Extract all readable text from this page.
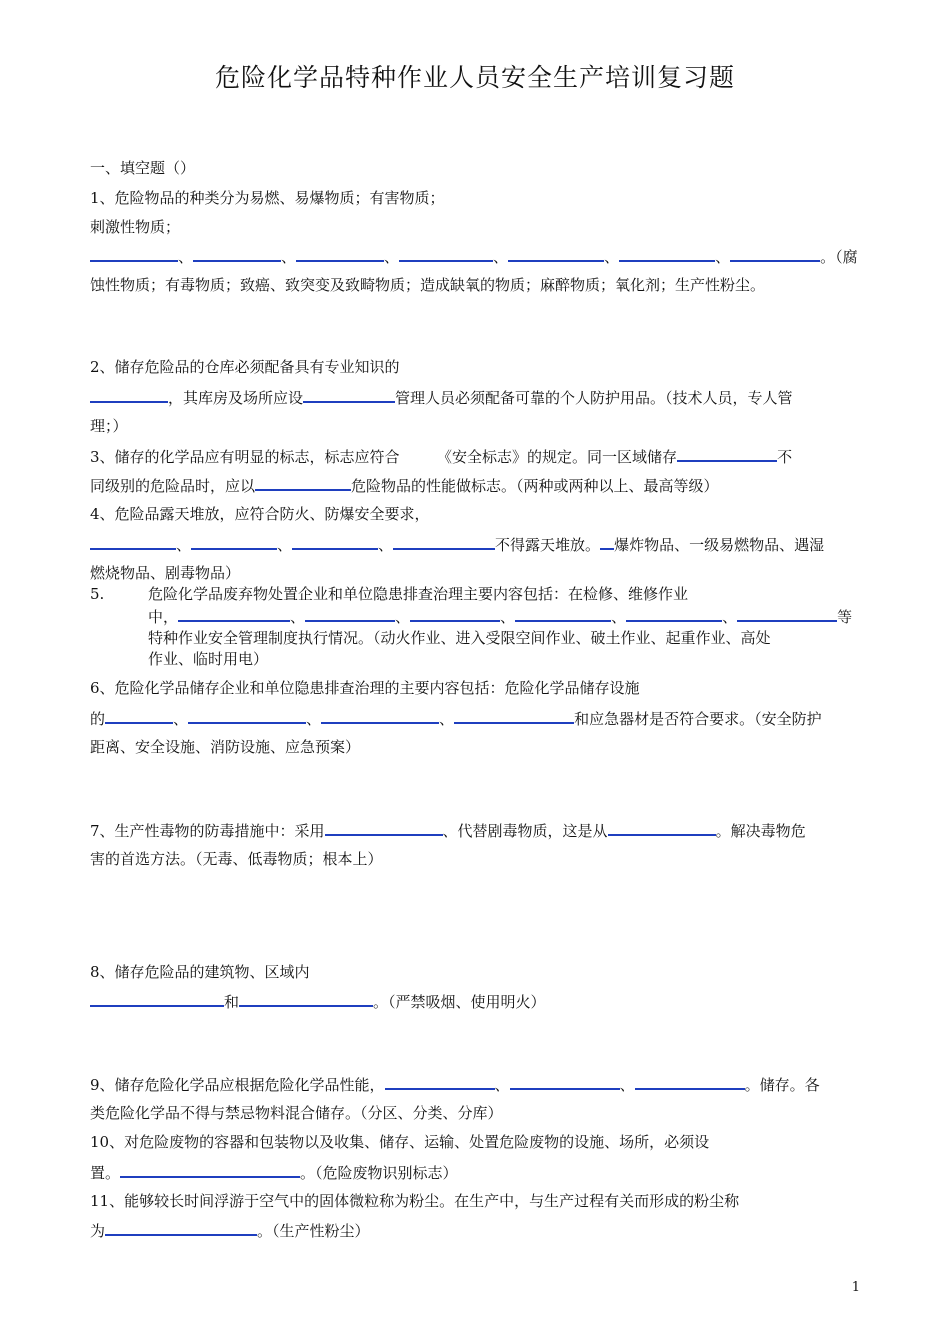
危险化学品特种作业人员安全生产培训复习题
一、填空题（）
1、危险物品的种类分为易燃、易爆物质；有害物质；
刺激性物质；
、	、	、	、	、	、	。（腐
蚀性物质；有毒物质；致癌、致突变及致畸物质；造成缺氧的物质；麻醉物质；氧化剂；生产性粉尘。
2、储存危险品的仓库必须配备具有专业知识的
，其库房及场所应设	管理人员必须配备可靠的个人防护用品。（技术人员，专人管
理；）
3、储存的化学品应有明显的标志，标志应符合　　　《安全标志》的规定。同一区域储存	不
同级别的危险品时，应以	危险物品的性能做标志。（两种或两种以上、最高等级）
4、危险品露天堆放，应符合防火、防爆安全要求，
、	、	、	不得露天堆放。 爆炸物品、一级易燃物品、遇湿
燃烧物品、剧毒物品）
5.	危险化学品废弃物处置企业和单位隐患排查治理主要内容包括：在检修、维修作业
中，	、	、	、	、	、	等
特种作业安全管理制度执行情况。（动火作业、进入受限空间作业、破土作业、起重作业、高处
作业、临时用电）
6、危险化学品储存企业和单位隐患排查治理的主要内容包括：危险化学品储存设施
的	、	、	、	和应急器材是否符合要求。（安全防护
距离、安全设施、消防设施、应急预案）
7、生产性毒物的防毒措施中：采用	、代替剧毒物质，这是从	。解决毒物危
害的首选方法。（无毒、低毒物质；根本上）
8、储存危险品的建筑物、区域内
和	。（严禁吸烟、使用明火）
9、储存危险化学品应根据危险化学品性能，	、	、	。储存。各
类危险化学品不得与禁忌物料混合储存。（分区、分类、分库）
10、对危险废物的容器和包装物以及收集、储存、运输、处置危险废物的设施、场所，必须设
置。	。（危险废物识别标志）
11、能够较长时间浮游于空气中的固体微粒称为粉尘。在生产中，与生产过程有关而形成的粉尘称
为	。（生产性粉尘）
1
